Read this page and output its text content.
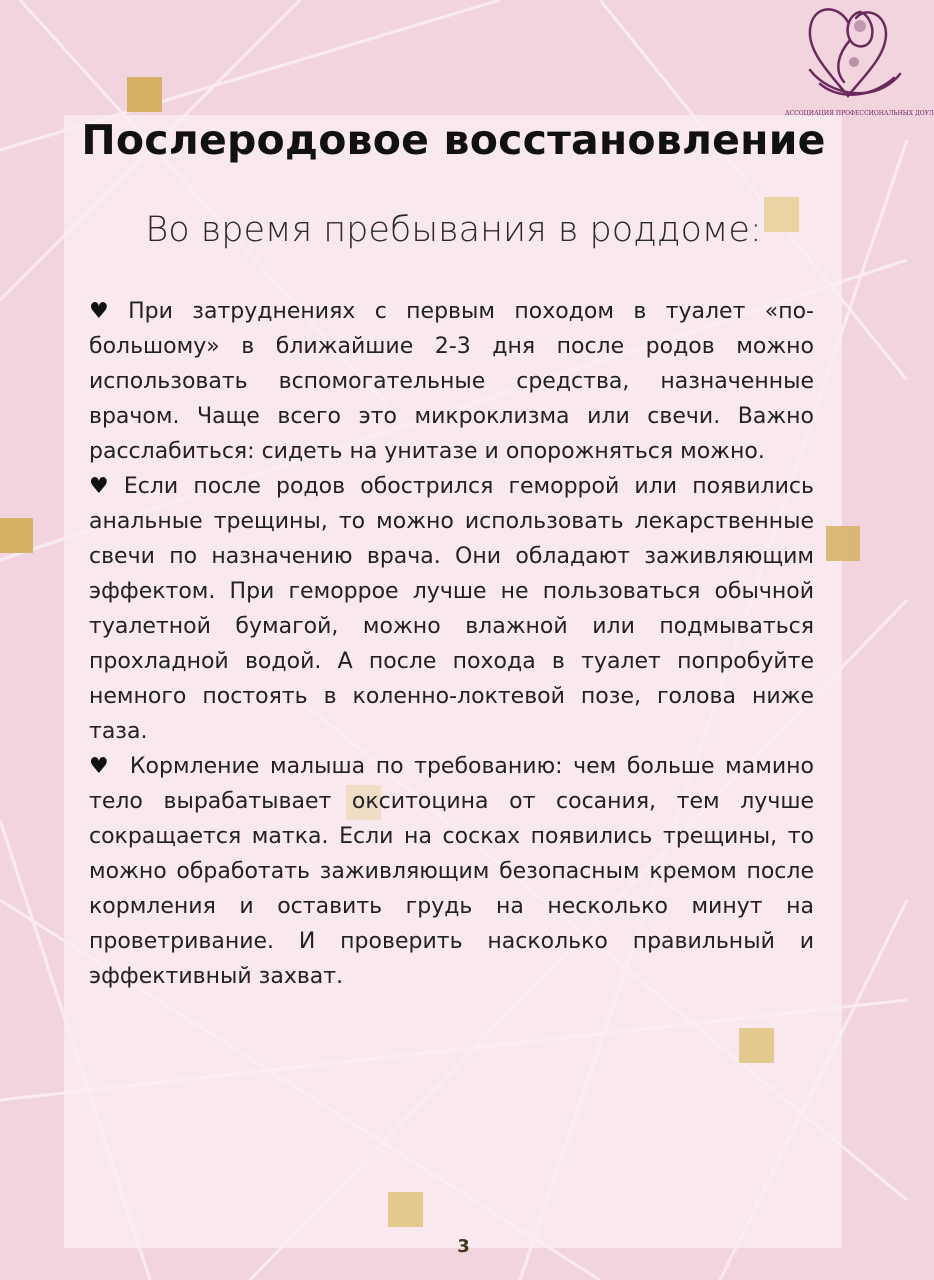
АССОЦИАЦИЯ ПРОФЕССИОНАЛЬНЫХ ДОУЛ
Послеродовое восстановление
Во время пребывания в роддоме:

♥ При затруднениях с первым походом в туалет «по-большому» в ближайшие 2-3 дня после родов можно использовать вспомогательные средства, назначенные врачом. Чаще всего это микроклизма или свечи. Важно расслабиться: сидеть на унитазе и опорожняться можно.

♥ Если после родов обострился геморрой или появились анальные трещины, то можно использовать лекарственные свечи по назначению врача. Они обладают заживляющим эффектом. При геморрое лучше не пользоваться обычной туалетной бумагой, можно влажной или подмываться прохладной водой. А после похода в туалет попробуйте немного постоять в коленно-локтевой позе, голова ниже таза.

♥ Кормление малыша по требованию: чем больше мамино тело вырабатывает окситоцина от сосания, тем лучше сокращается матка. Если на сосках появились трещины, то можно обработать заживляющим безопасным кремом после кормления и оставить грудь на несколько минут на проветривание. И проверить насколько правильный и эффективный захват.

3
